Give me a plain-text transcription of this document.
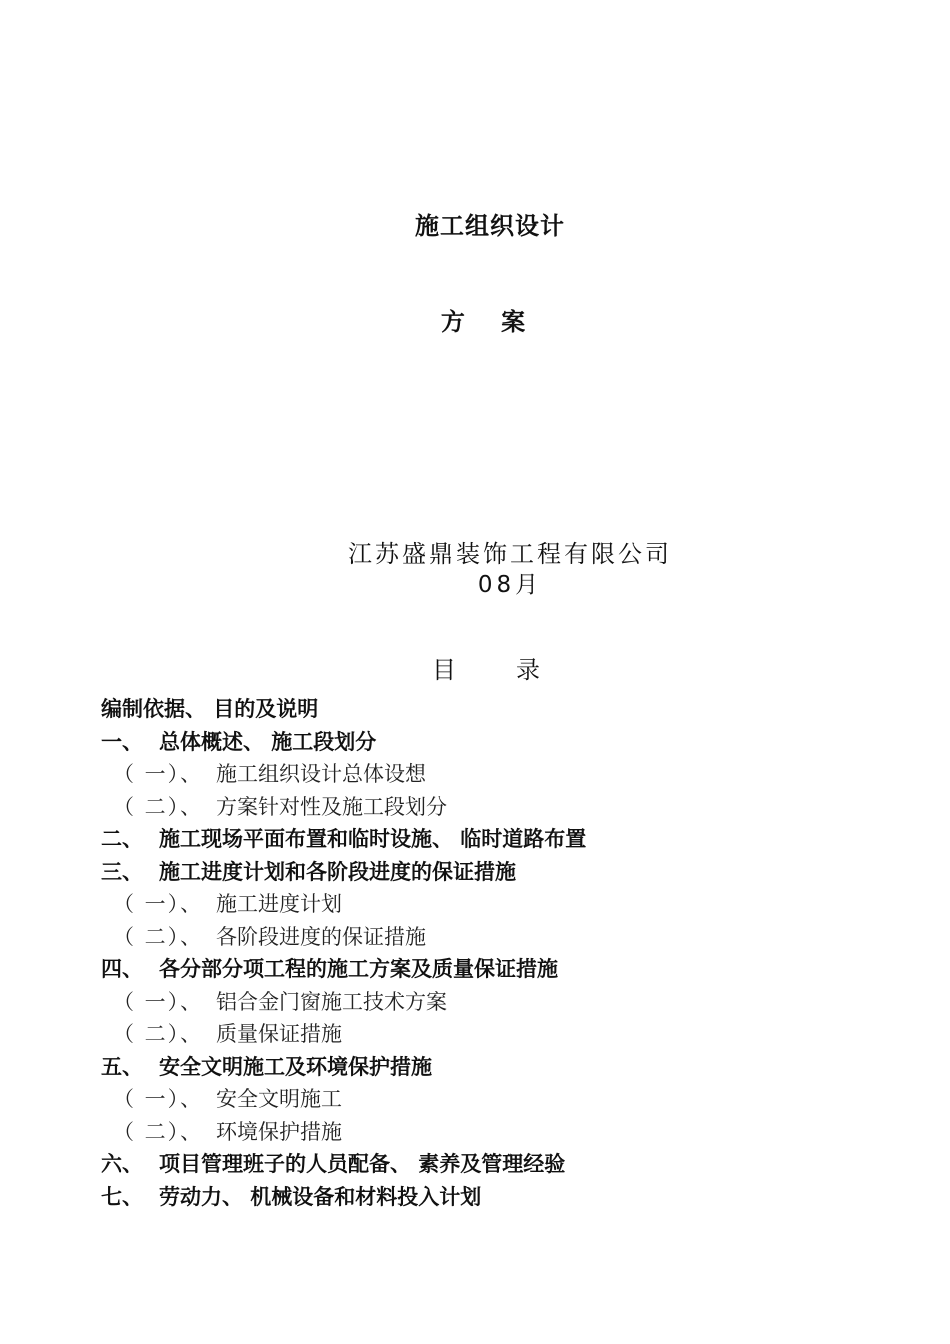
施工组织设计
方 案
江苏盛鼎装饰工程有限公司
08月
目	录
编制依据、 目的及说明
一、 总体概述、 施工段划分
（ 一）、 施工组织设计总体设想
（ 二）、 方案针对性及施工段划分
二、 施工现场平面布置和临时设施、 临时道路布置
三、 施工进度计划和各阶段进度的保证措施
（ 一）、 施工进度计划
（ 二）、 各阶段进度的保证措施
四、 各分部分项工程的施工方案及质量保证措施
（ 一）、 铝合金门窗施工技术方案
（ 二）、 质量保证措施
五、 安全文明施工及环境保护措施
（ 一）、 安全文明施工
（ 二）、 环境保护措施
六、 项目管理班子的人员配备、 素养及管理经验
七、 劳动力、 机械设备和材料投入计划
